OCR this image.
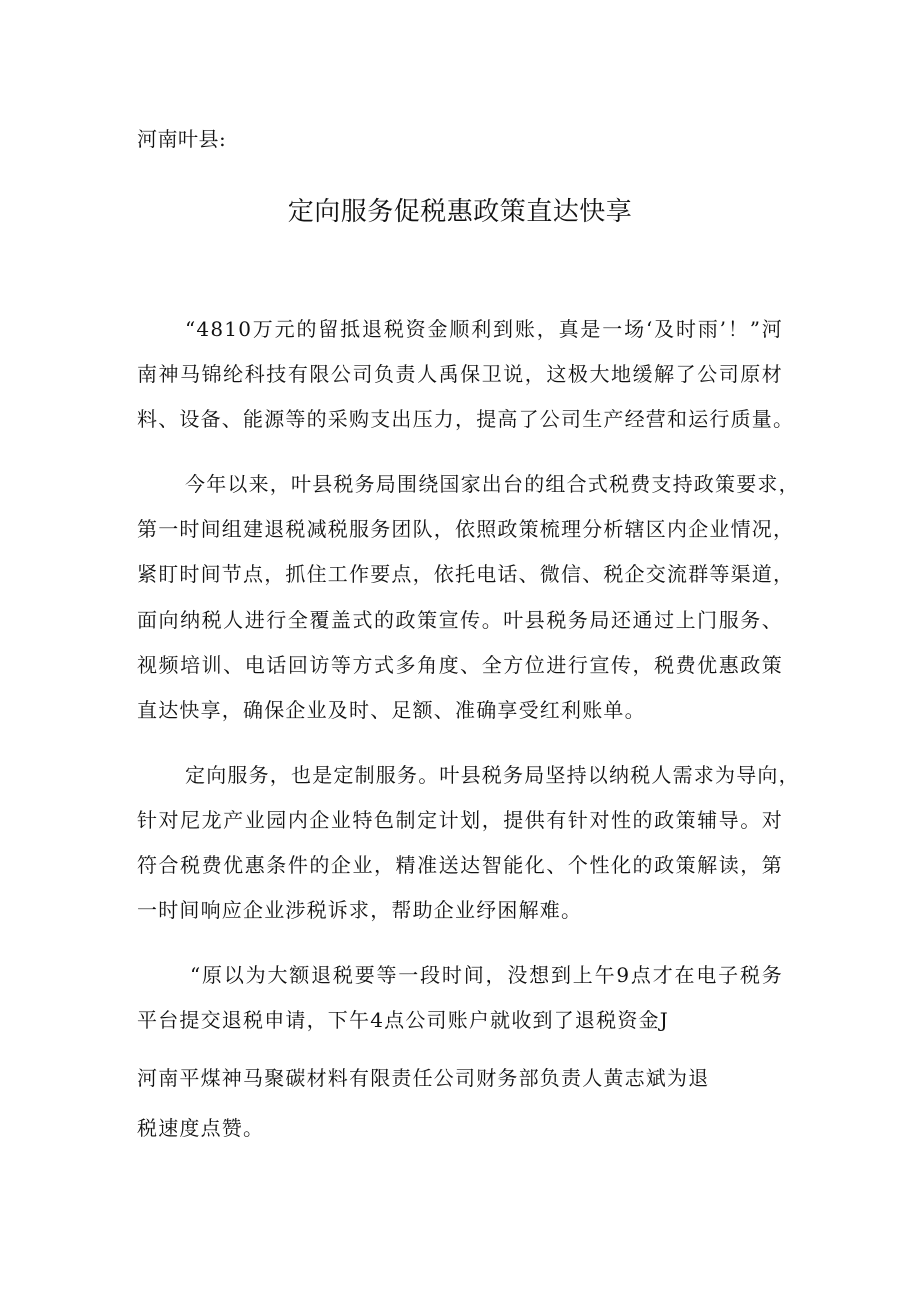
河南叶县:
定向服务促税惠政策直达快享
“4810万元的留抵退税资金顺利到账，真是一场‘及时雨’！”河
南神马锦纶科技有限公司负责人禹保卫说，这极大地缓解了公司原材
料、设备、能源等的采购支出压力，提高了公司生产经营和运行质量。
今年以来，叶县税务局围绕国家出台的组合式税费支持政策要求，
第一时间组建退税减税服务团队，依照政策梳理分析辖区内企业情况，
紧盯时间节点，抓住工作要点，依托电话、微信、税企交流群等渠道，
面向纳税人进行全覆盖式的政策宣传。叶县税务局还通过上门服务、
视频培训、电话回访等方式多角度、全方位进行宣传，税费优惠政策
直达快享，确保企业及时、足额、准确享受红利账单。
定向服务，也是定制服务。叶县税务局坚持以纳税人需求为导向，
针对尼龙产业园内企业特色制定计划，提供有针对性的政策辅导。对
符合税费优惠条件的企业，精准送达智能化、个性化的政策解读，第
一时间响应企业涉税诉求，帮助企业纾困解难。
“原以为大额退税要等一段时间，没想到上午9点才在电子税务
平台提交退税申请，下午4点公司账户就收到了退税资金J
河南平煤神马聚碳材料有限责任公司财务部负责人黄志斌为退
税速度点赞。
